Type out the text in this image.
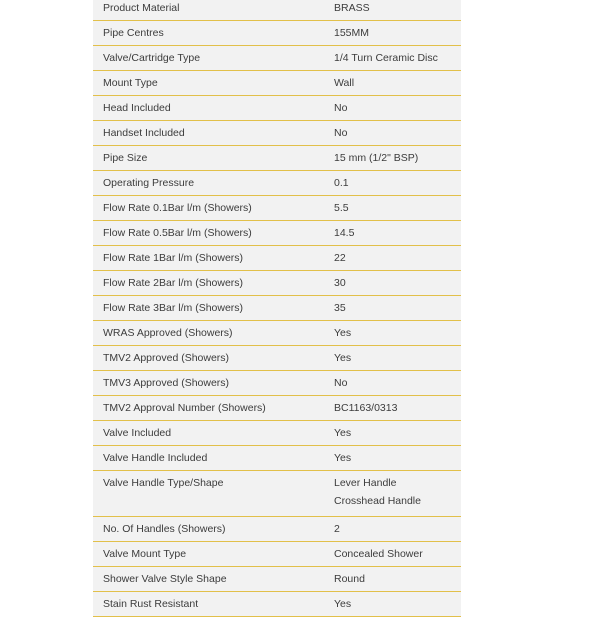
Product Material	BRASS
Pipe Centres	155MM
Valve/Cartridge Type	1/4 Turn Ceramic Disc
Mount Type	Wall
Head Included	No
Handset Included	No
Pipe Size	15 mm (1/2" BSP)
Operating Pressure	0.1
Flow Rate 0.1Bar l/m (Showers)	5.5
Flow Rate 0.5Bar l/m (Showers)	14.5
Flow Rate 1Bar l/m (Showers)	22
Flow Rate 2Bar l/m (Showers)	30
Flow Rate 3Bar l/m (Showers)	35
WRAS Approved (Showers)	Yes
TMV2 Approved (Showers)	Yes
TMV3 Approved (Showers)	No
TMV2 Approval Number (Showers)	BC1163/0313
Valve Included	Yes
Valve Handle Included	Yes
Valve Handle Type/Shape	Lever Handle
Crosshead Handle
No. Of Handles (Showers)	2
Valve Mount Type	Concealed Shower
Shower Valve Style Shape	Round
Stain Rust Resistant	Yes
